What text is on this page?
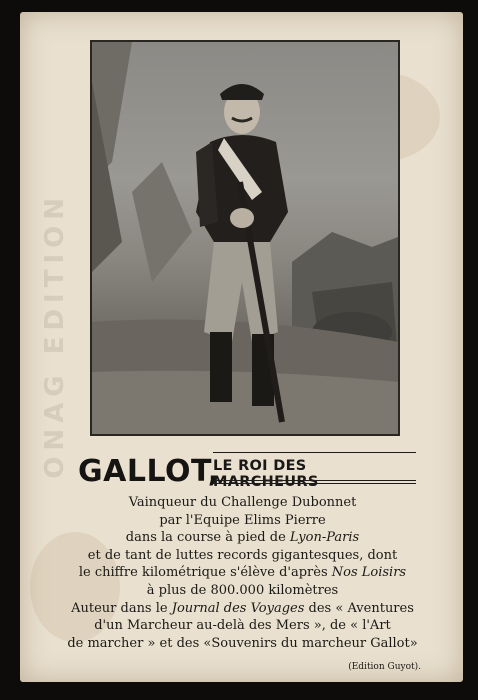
ONAG EDITION GALLOT,
LE ROI DES MARCHEURS
Vainqueur du Challenge Dubonnet
par l'Equipe Elims Pierre
dans la course à pied de Lyon-Paris
et de tant de luttes records gigantesques, dont
le chiffre kilométrique s'élève d'après Nos Loisirs
à plus de 800.000 kilomètres
Auteur dans le Journal des Voyages des « Aventures
d'un Marcheur au-delà des Mers », de « l'Art
de marcher » et des «Souvenirs du marcheur Gallot»
(Edition Guyot).
